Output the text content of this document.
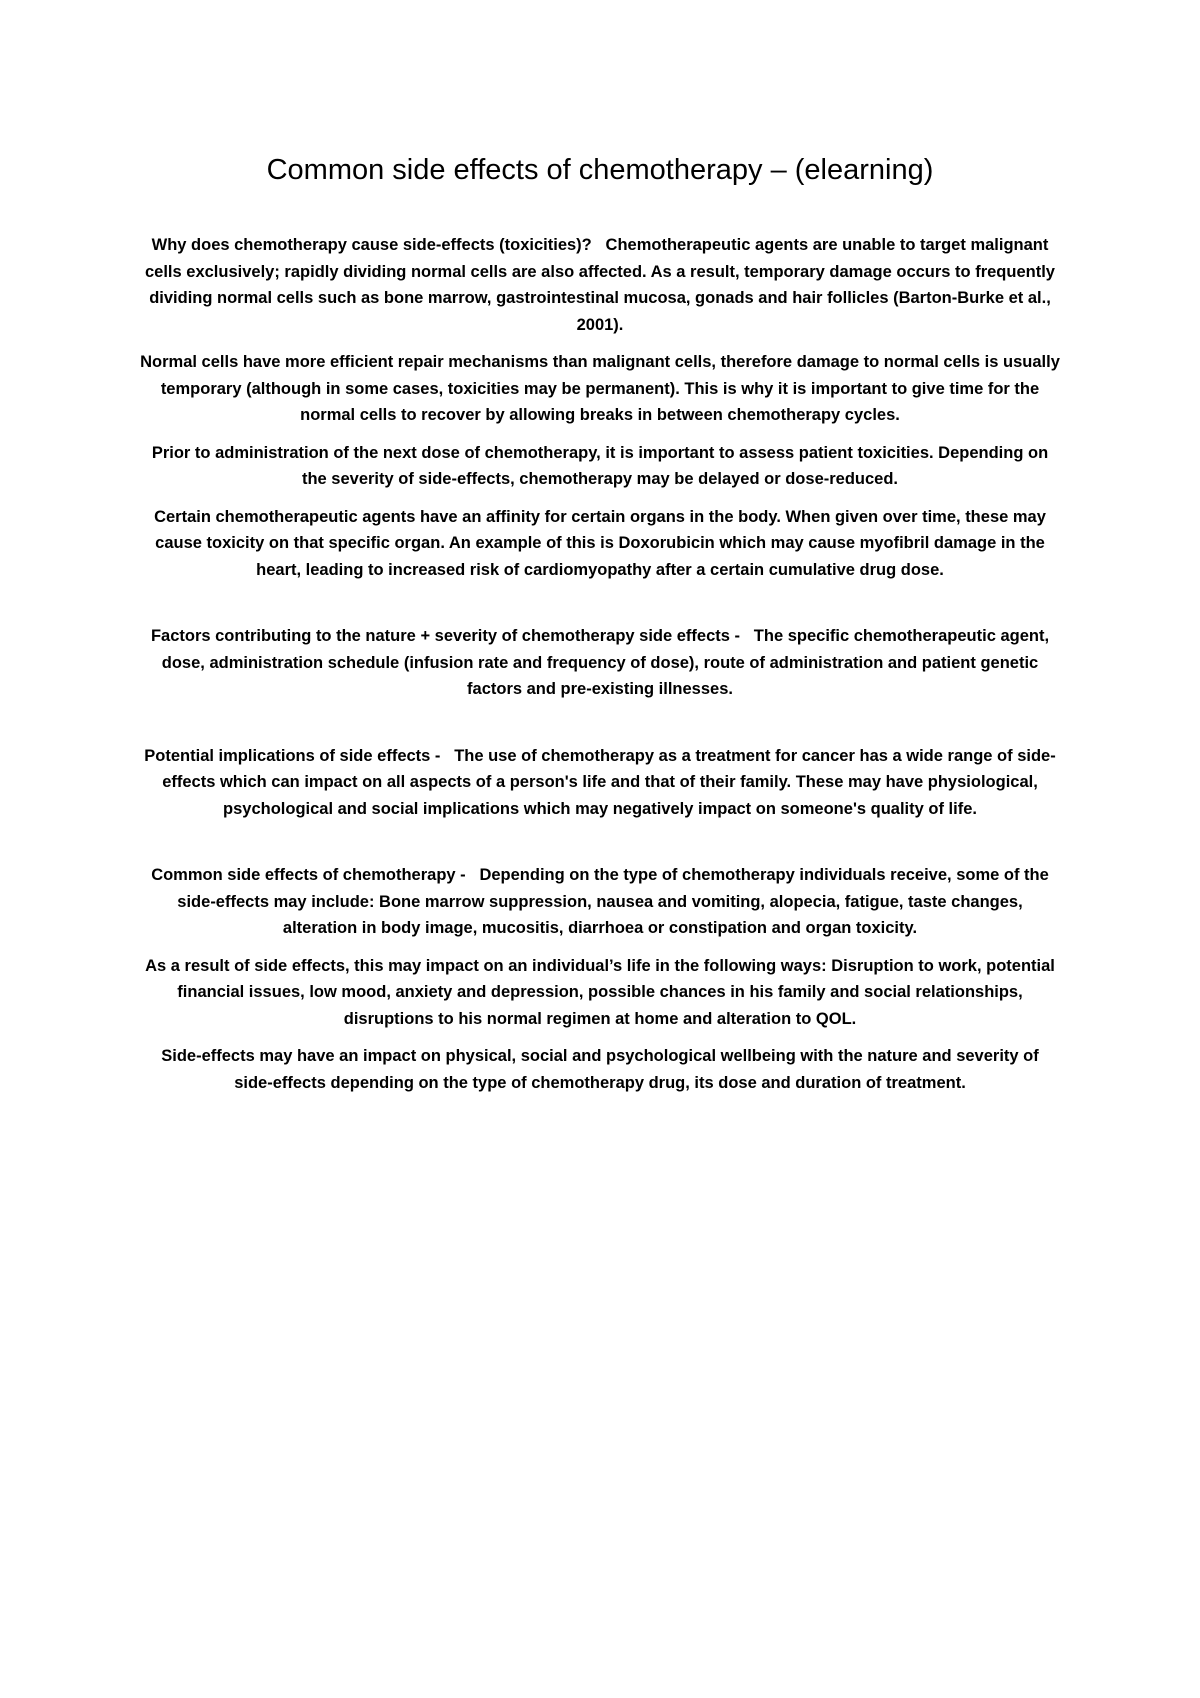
Common side effects of chemotherapy – (elearning)

Why does chemotherapy cause side-effects (toxicities)? Chemotherapeutic agents are unable to target malignant cells exclusively; rapidly dividing normal cells are also affected. As a result, temporary damage occurs to frequently dividing normal cells such as bone marrow, gastrointestinal mucosa, gonads and hair follicles (Barton-Burke et al., 2001).

Normal cells have more efficient repair mechanisms than malignant cells, therefore damage to normal cells is usually temporary (although in some cases, toxicities may be permanent). This is why it is important to give time for the normal cells to recover by allowing breaks in between chemotherapy cycles.

Prior to administration of the next dose of chemotherapy, it is important to assess patient toxicities. Depending on the severity of side-effects, chemotherapy may be delayed or dose-reduced.

Certain chemotherapeutic agents have an affinity for certain organs in the body. When given over time, these may cause toxicity on that specific organ. An example of this is Doxorubicin which may cause myofibril damage in the heart, leading to increased risk of cardiomyopathy after a certain cumulative drug dose.

Factors contributing to the nature + severity of chemotherapy side effects - The specific chemotherapeutic agent, dose, administration schedule (infusion rate and frequency of dose), route of administration and patient genetic factors and pre-existing illnesses.

Potential implications of side effects - The use of chemotherapy as a treatment for cancer has a wide range of side-effects which can impact on all aspects of a person's life and that of their family. These may have physiological, psychological and social implications which may negatively impact on someone's quality of life.

Common side effects of chemotherapy - Depending on the type of chemotherapy individuals receive, some of the side-effects may include: Bone marrow suppression, nausea and vomiting, alopecia, fatigue, taste changes, alteration in body image, mucositis, diarrhoea or constipation and organ toxicity.

As a result of side effects, this may impact on an individual’s life in the following ways: Disruption to work, potential financial issues, low mood, anxiety and depression, possible chances in his family and social relationships, disruptions to his normal regimen at home and alteration to QOL.

Side-effects may have an impact on physical, social and psychological wellbeing with the nature and severity of side-effects depending on the type of chemotherapy drug, its dose and duration of treatment.
